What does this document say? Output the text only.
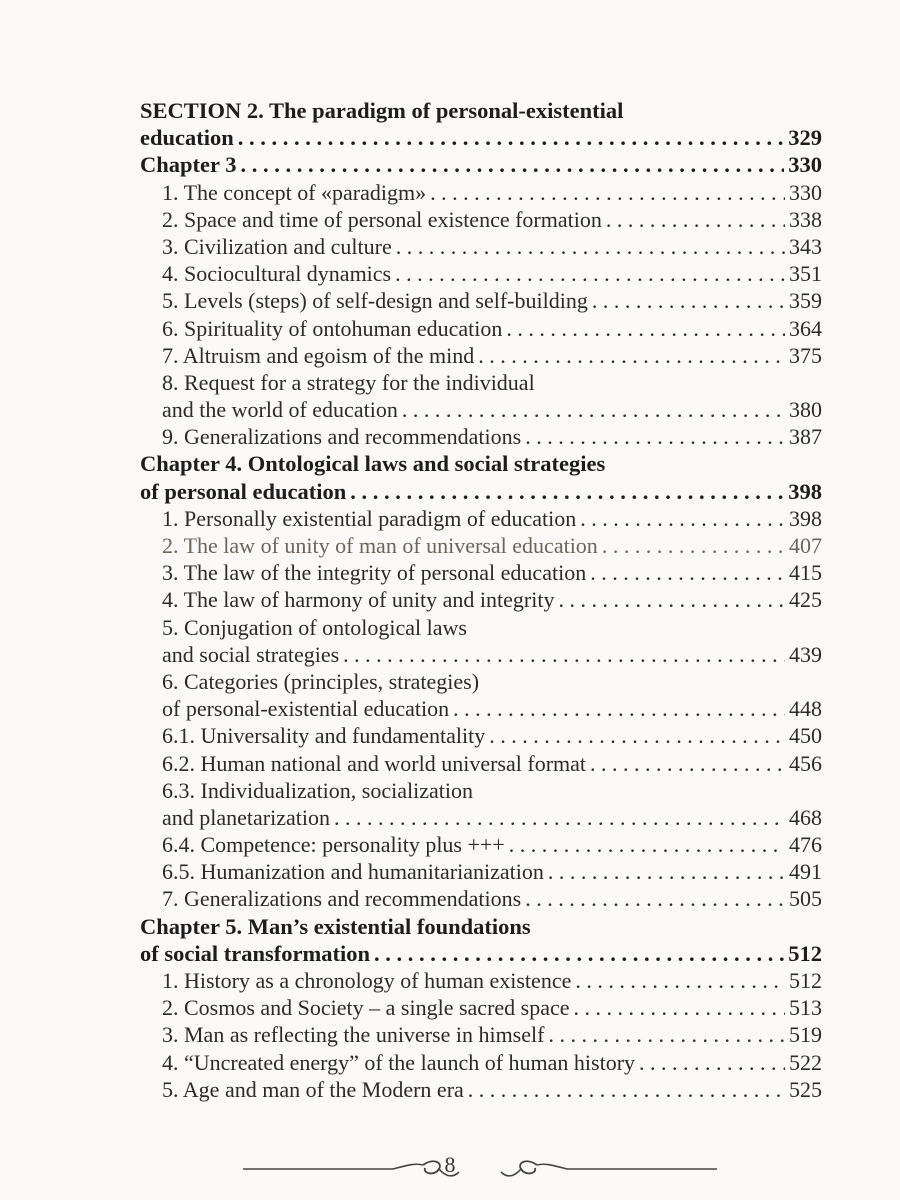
SECTION 2. The paradigm of personal-existential
education . . .	329
Chapter 3 . . .	330
1. The concept of «paradigm» . . .	330
2. Space and time of personal existence formation . . .	338
3. Civilization and culture . . .	343
4. Sociocultural dynamics . . .	351
5. Levels (steps) of self-design and self-building . . .	359
6. Spirituality of ontohuman education . . .	364
7. Altruism and egoism of the mind . . .	375
8. Request for a strategy for the individual
and the world of education . . .	380
9. Generalizations and recommendations . . .	387
Chapter 4. Ontological laws and social strategies
of personal education . . .	398
1. Personally existential paradigm of education . . .	398
2. The law of unity of man of universal education . . .	407
3. The law of the integrity of personal education . . .	415
4. The law of harmony of unity and integrity . . .	425
5. Conjugation of ontological laws
and social strategies . . .	439
6. Categories (principles, strategies)
of personal-existential education . . .	448
6.1. Universality and fundamentality . . .	450
6.2. Human national and world universal format . . .	456
6.3. Individualization, socialization
and planetarization . . .	468
6.4. Competence: personality plus +++ . . .	476
6.5. Humanization and humanitarianization . . .	491
7. Generalizations and recommendations . . .	505
Chapter 5. Man’s existential foundations
of social transformation . . .	512
1. History as a chronology of human existence . . .	512
2. Cosmos and Society – a single sacred space . . .	513
3. Man as reflecting the universe in himself . . .	519
4. “Uncreated energy” of the launch of human history . . .	522
5. Age and man of the Modern era . . .	525
8
